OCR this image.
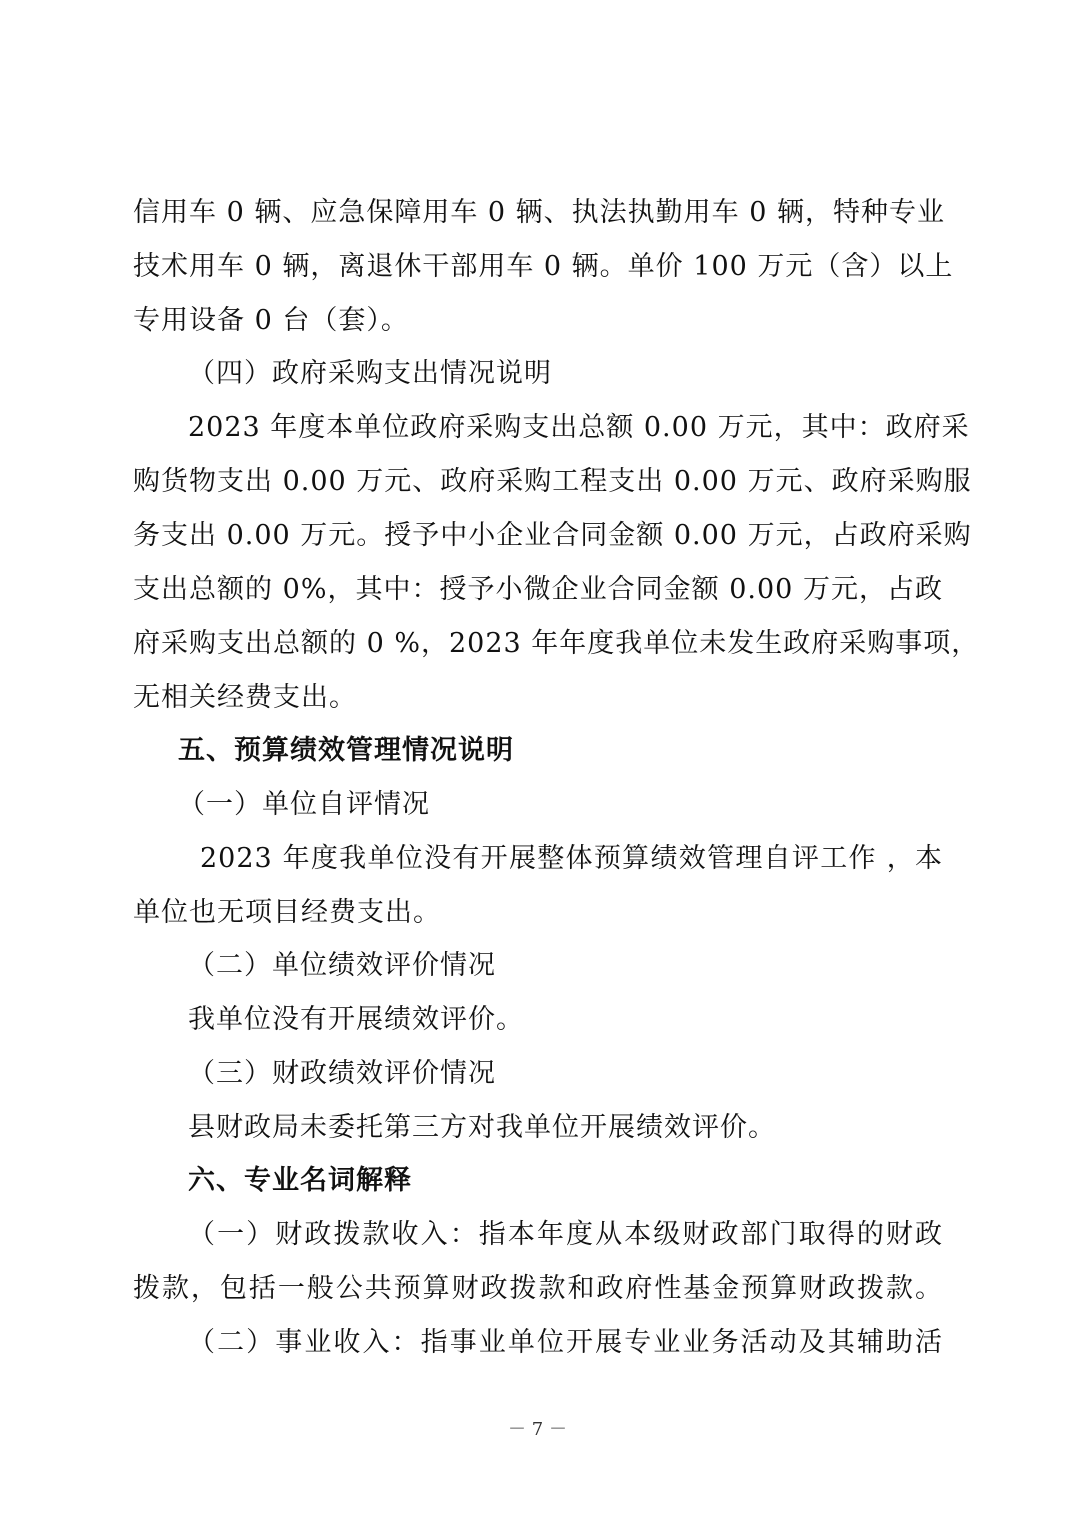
信用车 0 辆、应急保障用车 0 辆、执法执勤用车 0 辆，特种专业
技术用车 0 辆，离退休干部用车 0 辆。单价 100 万元（含）以上
专用设备 0 台（套）。
（四）政府采购支出情况说明
2023 年度本单位政府采购支出总额 0.00 万元，其中：政府采
购货物支出 0.00 万元、政府采购工程支出 0.00 万元、政府采购服
务支出 0.00 万元。授予中小企业合同金额 0.00 万元，占政府采购
支出总额的 0%，其中：授予小微企业合同金额 0.00 万元，占政
府采购支出总额的 0 %，2023 年年度我单位未发生政府采购事项，
无相关经费支出。
五、预算绩效管理情况说明
（一）单位自评情况
2023 年度我单位没有开展整体预算绩效管理自评工作 ，本
单位也无项目经费支出。
（二）单位绩效评价情况
我单位没有开展绩效评价。
（三）财政绩效评价情况
县财政局未委托第三方对我单位开展绩效评价。
六、专业名词解释
（一）财政拨款收入：指本年度从本级财政部门取得的财政
拨款，包括一般公共预算财政拨款和政府性基金预算财政拨款。
（二）事业收入：指事业单位开展专业业务活动及其辅助活
－ 7 －
